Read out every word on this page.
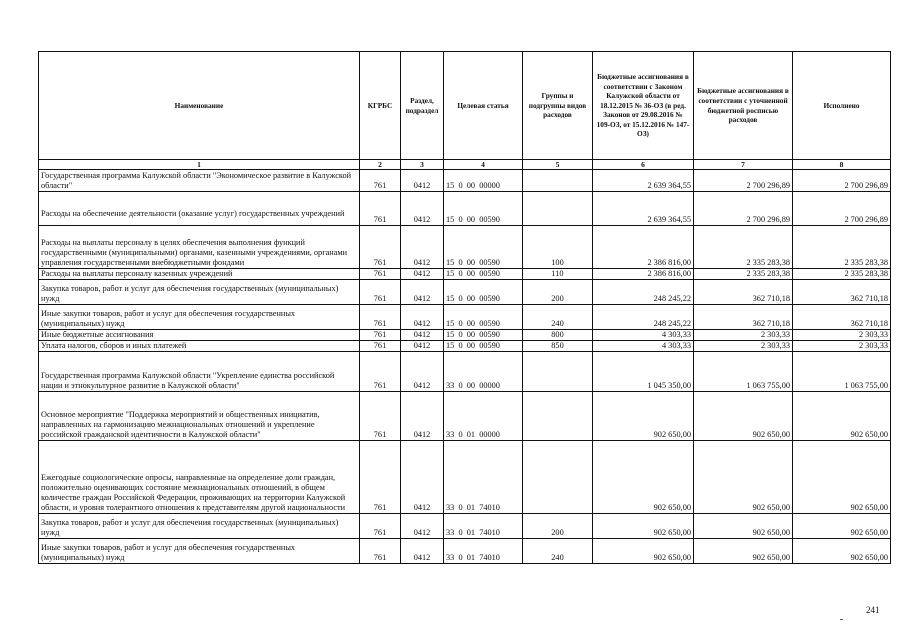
Наименование	КГРБС	Раздел, подраздел	Целевая статья	Группы и подгруппы видов расходов	Бюджетные ассигнования в соответствии с Законом Калужской области от 18.12.2015 № 36-ОЗ (в ред. Законов от 29.08.2016 № 109-ОЗ, от 15.12.2016 № 147-ОЗ)	Бюджетные ассигнования в соответствии с уточненной бюджетной росписью расходов	Исполнено
1	2	3	4	5	6	7	8
Государственная программа Калужской области "Экономическое развитие в Калужской области"	761	0412	15  0  00  00000		2 639 364,55	2 700 296,89	2 700 296,89
Расходы на обеспечение деятельности (оказание услуг) государственных учреждений	761	0412	15  0  00  00590		2 639 364,55	2 700 296,89	2 700 296,89
Расходы на выплаты персоналу в целях обеспечения выполнения функций государственными (муниципальными) органами, казенными учреждениями, органами управления государственными внебюджетными фондами	761	0412	15  0  00  00590	100	2 386 816,00	2 335 283,38	2 335 283,38
Расходы на выплаты персоналу казенных учреждений	761	0412	15  0  00  00590	110	2 386 816,00	2 335 283,38	2 335 283,38
Закупка товаров, работ и услуг для обеспечения государственных (муниципальных) нужд	761	0412	15  0  00  00590	200	248 245,22	362 710,18	362 710,18
Иные закупки товаров, работ и услуг для обеспечения государственных (муниципальных) нужд	761	0412	15  0  00  00590	240	248 245,22	362 710,18	362 710,18
Иные бюджетные ассигнования	761	0412	15  0  00  00590	800	4 303,33	2 303,33	2 303,33
Уплата налогов, сборов и иных платежей	761	0412	15  0  00  00590	850	4 303,33	2 303,33	2 303,33
Государственная программа Калужской области "Укрепление единства российской нации и этнокультурное развитие в Калужской области"	761	0412	33  0  00  00000		1 045 350,00	1 063 755,00	1 063 755,00
Основное мероприятие "Поддержка мероприятий и общественных инициатив, направленных на гармонизацию межнациональных отношений и укрепление российской гражданской идентичности в Калужской области"	761	0412	33  0  01  00000		902 650,00	902 650,00	902 650,00
Ежегодные социологические опросы, направленные на определение доли граждан, положительно оценивающих состояние межнациональных отношений, в общем количестве граждан Российской Федерации, проживающих на территории Калужской области, и уровня толерантного отношения к представителям другой национальности	761	0412	33  0  01  74010		902 650,00	902 650,00	902 650,00
Закупка товаров, работ и услуг для обеспечения государственных (муниципальных) нужд	761	0412	33  0  01  74010	200	902 650,00	902 650,00	902 650,00
Иные закупки товаров, работ и услуг для обеспечения государственных (муниципальных) нужд	761	0412	33  0  01  74010	240	902 650,00	902 650,00	902 650,00
241
